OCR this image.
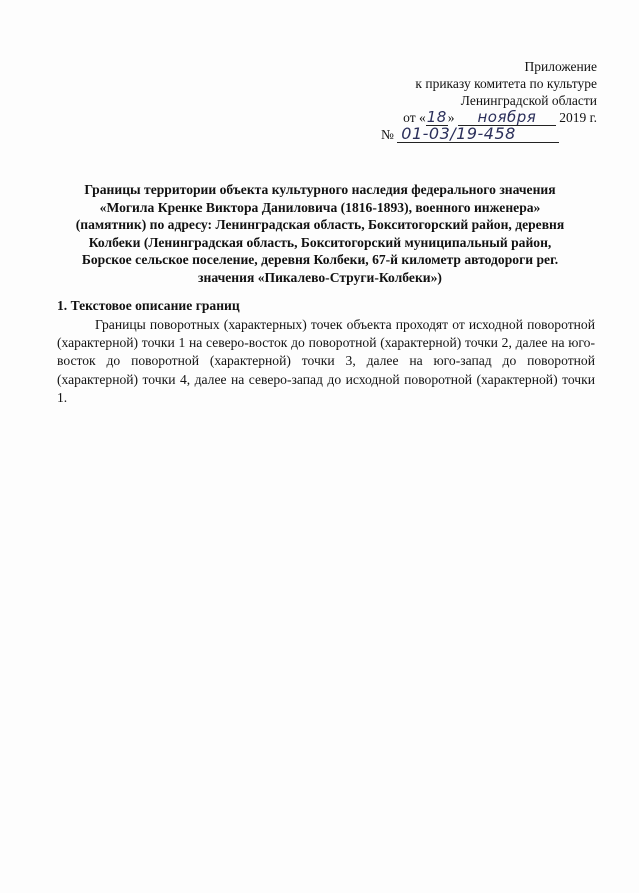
Приложение
к приказу комитета по культуре
Ленинградской области
от «18» ноября 2019 г.
№ 01-03/19-458
Границы территории объекта культурного наследия федерального значения
«Могила Кренке Виктора Даниловича (1816-1893), военного инженера»
(памятник) по адресу: Ленинградская область, Бокситогорский район, деревня
Колбеки (Ленинградская область, Бокситогорский муниципальный район,
Борское сельское поселение, деревня Колбеки, 67-й километр автодороги рег.
значения «Пикалево-Струги-Колбеки»)
1. Текстовое описание границ
Границы поворотных (характерных) точек объекта проходят от исходной поворотной (характерной) точки 1 на северо-восток до поворотной (характерной) точки 2, далее на юго-восток до поворотной (характерной) точки 3, далее на юго-запад до поворотной (характерной) точки 4, далее на северо-запад до исходной поворотной (характерной) точки 1.
